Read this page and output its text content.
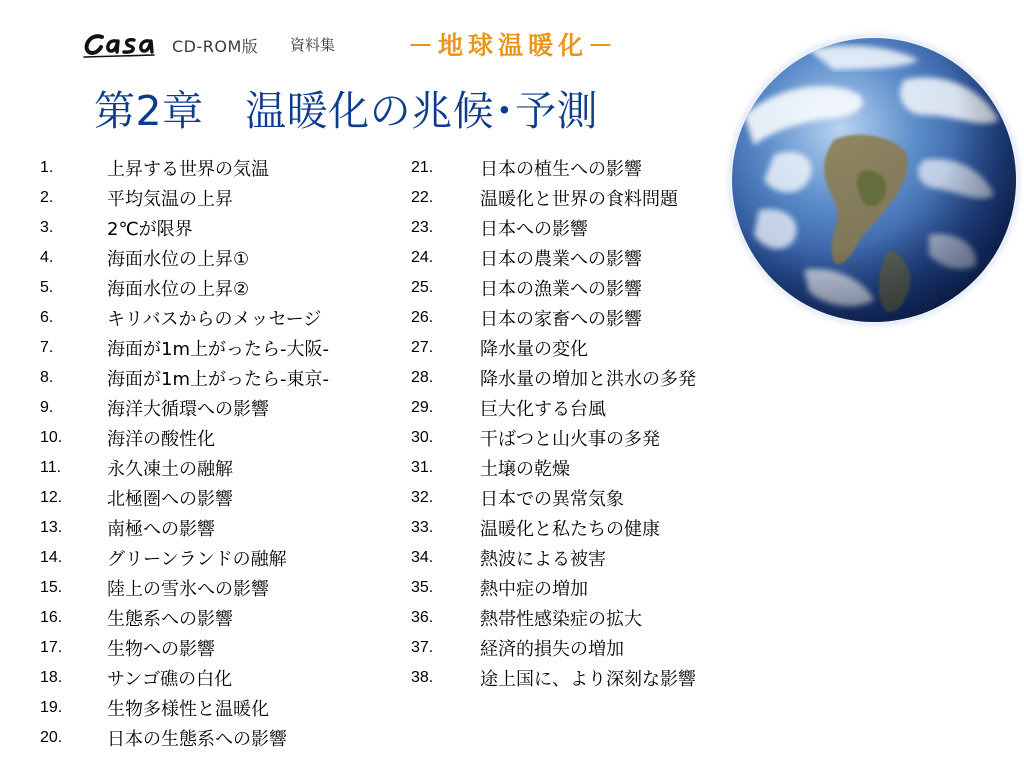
CD-ROM版 資料集	－地球温暖化－
第2章　温暖化の兆候･予測
1.	上昇する世界の気温
2.	平均気温の上昇
3.	2℃が限界
4.	海面水位の上昇①
5.	海面水位の上昇②
6.	キリバスからのメッセージ
7.	海面が1m上がったら-大阪-
8.	海面が1m上がったら-東京-
9.	海洋大循環への影響
10.	海洋の酸性化
11.	永久凍土の融解
12.	北極圏への影響
13.	南極への影響
14.	グリーンランドの融解
15.	陸上の雪氷への影響
16.	生態系への影響
17.	生物への影響
18.	サンゴ礁の白化
19.	生物多様性と温暖化
20.	日本の生態系への影響
21.	日本の植生への影響
22.	温暖化と世界の食料問題
23.	日本への影響
24.	日本の農業への影響
25.	日本の漁業への影響
26.	日本の家畜への影響
27.	降水量の変化
28.	降水量の増加と洪水の多発
29.	巨大化する台風
30.	干ばつと山火事の多発
31.	土壌の乾燥
32.	日本での異常気象
33.	温暖化と私たちの健康
34.	熱波による被害
35.	熱中症の増加
36.	熱帯性感染症の拡大
37.	経済的損失の増加
38.	途上国に、より深刻な影響
